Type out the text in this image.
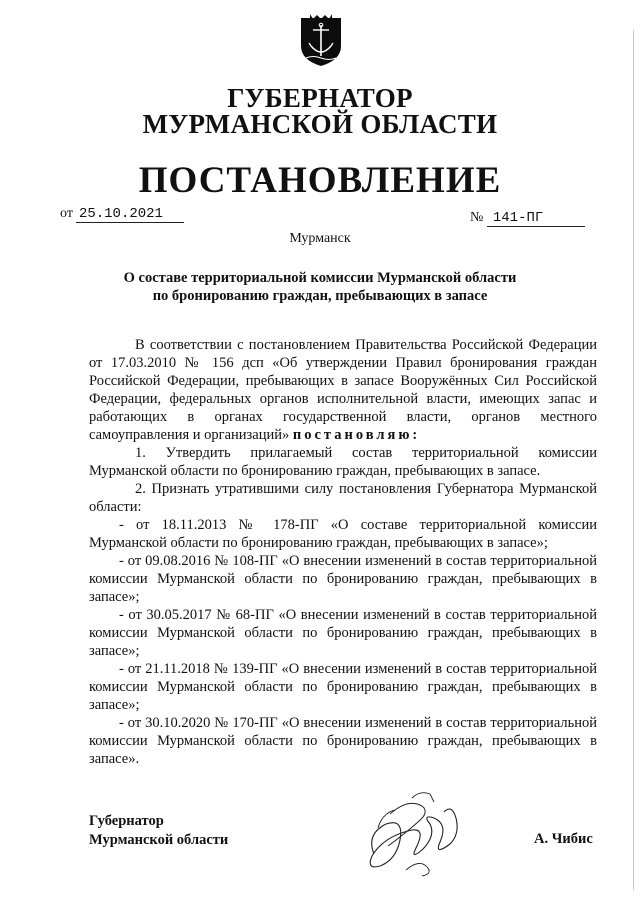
ГУБЕРНАТОР
МУРМАНСКОЙ ОБЛАСТИ
ПОСТАНОВЛЕНИЕ
от 25.10.2021	№ 141-ПГ
Мурманск
О составе территориальной комиссии Мурманской области
по бронированию граждан, пребывающих в запасе

В соответствии с постановлением Правительства Российской Федерации от 17.03.2010 № 156 дсп «Об утверждении Правил бронирования граждан Российской Федерации, пребывающих в запасе Вооружённых Сил Российской Федерации, федеральных органов исполнительной власти, имеющих запас и работающих в органах государственной власти, органов местного самоуправления и организаций» постановляю:

1. Утвердить прилагаемый состав территориальной комиссии Мурманской области по бронированию граждан, пребывающих в запасе.

2. Признать утратившими силу постановления Губернатора Мурманской области:

- от 18.11.2013 № 178-ПГ «О составе территориальной комиссии Мурманской области по бронированию граждан, пребывающих в запасе»;

- от 09.08.2016 № 108-ПГ «О внесении изменений в состав территориальной комиссии Мурманской области по бронированию граждан, пребывающих в запасе»;

- от 30.05.2017 № 68-ПГ «О внесении изменений в состав территориальной комиссии Мурманской области по бронированию граждан, пребывающих в запасе»;

- от 21.11.2018 № 139-ПГ «О внесении изменений в состав территориальной комиссии Мурманской области по бронированию граждан, пребывающих в запасе»;

- от 30.10.2020 № 170-ПГ «О внесении изменений в состав территориальной комиссии Мурманской области по бронированию граждан, пребывающих в запасе».

Губернатор
Мурманской области	А. Чибис
